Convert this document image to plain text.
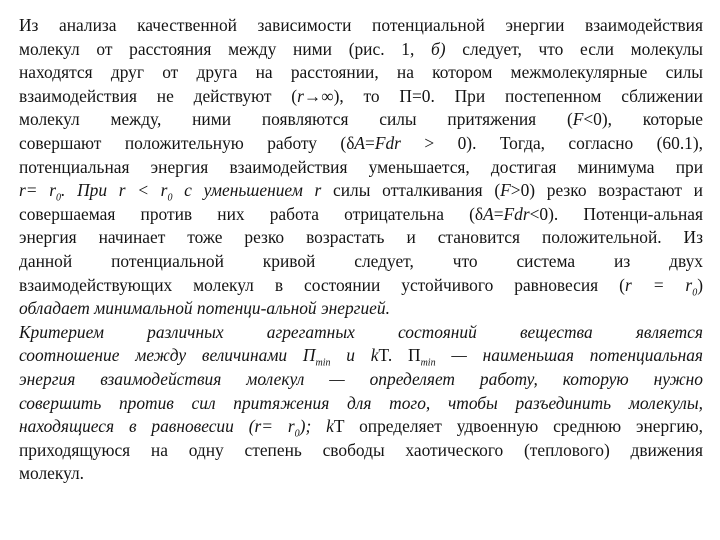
Из анализа качественной зависимости потенциальной энергии взаимодействия
молекул от расстояния между ними (рис. 1, б) следует, что если молекулы
находятся друг от друга на расстоянии, на котором межмолекулярные силы
взаимодействия не действуют (r→∞), то П=0. При постепенном сближении
молекул между, ними появляются силы притяжения (F<0), которые
совершают положительную работу (δA=Fdr > 0). Тогда, согласно (60.1),
потенциальная энергия взаимодействия уменьшается, достигая минимума при
$r= r_0$. При $r < r_0$ с уменьшением r силы отталкивания (F>0) резко возрастают и
совершаемая против них работа отрицательна (δA=Fdr<0). Потенци-альная
энергия начинает тоже резко возрастать и становится положительной. Из
данной потенциальной кривой следует, что система из двух
взаимодействующих молекул в состоянии устойчивого равновесия $(r = r_0)$
обладает минимальной потенци-альной энергией.
Критерием различных агрегатных состояний вещества является
соотношение между величинами $П_{min}$ и kT. $П_{min}$ — наименьшая потенциальная
энергия взаимодействия молекул — определяет работу, которую нужно
совершить против сил притяжения для того, чтобы разъединить молекулы,
находящиеся в равновесии $(r= r_0)$; kT определяет удвоенную среднюю энергию,
приходящуюся на одну степень свободы хаотического (теплового) движения
молекул.
